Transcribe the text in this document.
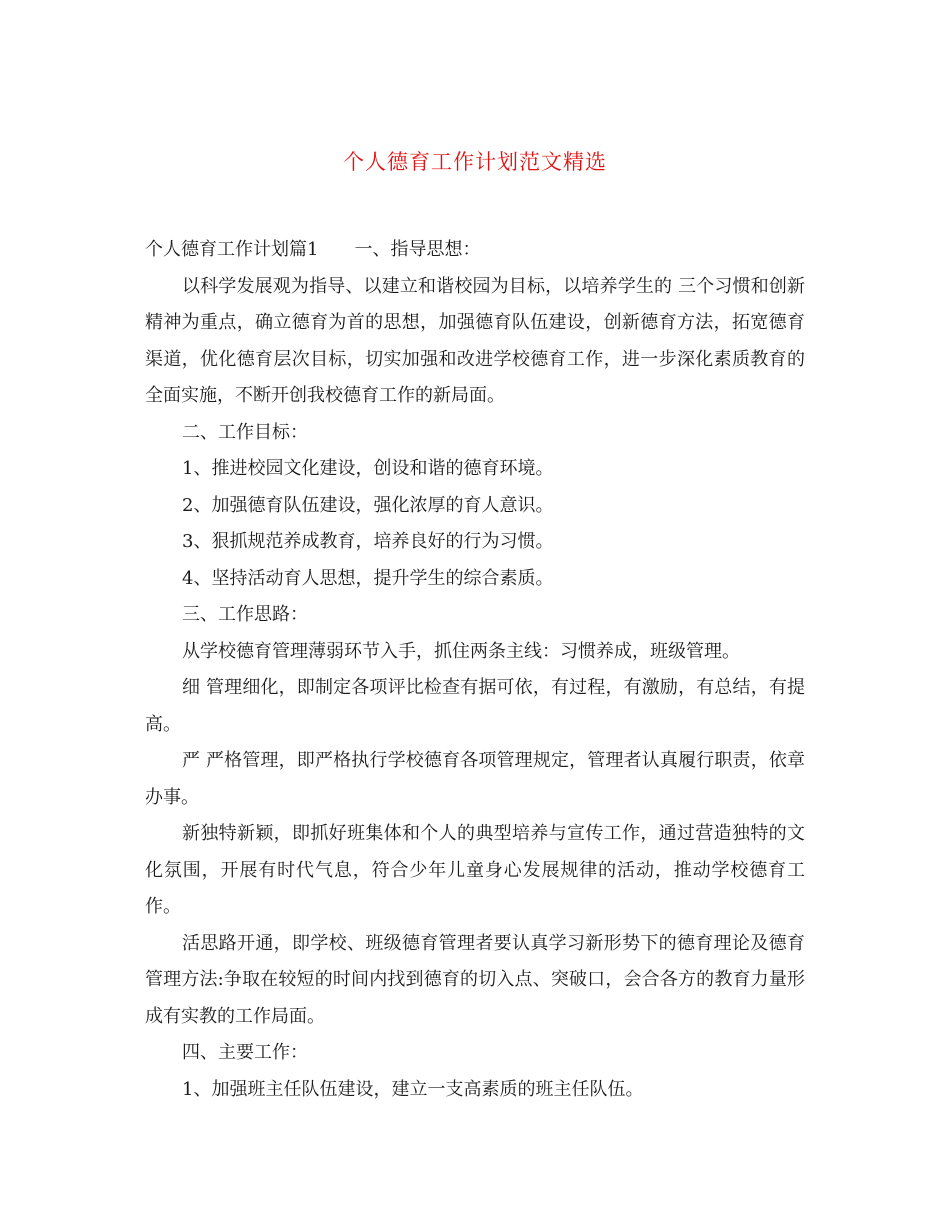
个人德育工作计划范文精选

个人德育工作计划篇1　　一、指导思想：

以科学发展观为指导、以建立和谐校园为目标，以培养学生的 三个习惯和创新精神为重点，确立德育为首的思想，加强德育队伍建设，创新德育方法，拓宽德育渠道，优化德育层次目标，切实加强和改进学校德育工作，进一步深化素质教育的全面实施，不断开创我校德育工作的新局面。

二、工作目标：

1、推进校园文化建设，创设和谐的德育环境。

2、加强德育队伍建设，强化浓厚的育人意识。

3、狠抓规范养成教育，培养良好的行为习惯。

4、坚持活动育人思想，提升学生的综合素质。

三、工作思路：

从学校德育管理薄弱环节入手，抓住两条主线：习惯养成，班级管理。

细 管理细化，即制定各项评比检查有据可依，有过程，有激励，有总结，有提高。

严 严格管理，即严格执行学校德育各项管理规定，管理者认真履行职责，依章办事。

新独特新颖，即抓好班集体和个人的典型培养与宣传工作，通过营造独特的文化氛围，开展有时代气息，符合少年儿童身心发展规律的活动，推动学校德育工作。

活思路开通，即学校、班级德育管理者要认真学习新形势下的德育理论及德育管理方法:争取在较短的时间内找到德育的切入点、突破口，会合各方的教育力量形成有实教的工作局面。

四、主要工作：

1、加强班主任队伍建设，建立一支高素质的班主任队伍。
